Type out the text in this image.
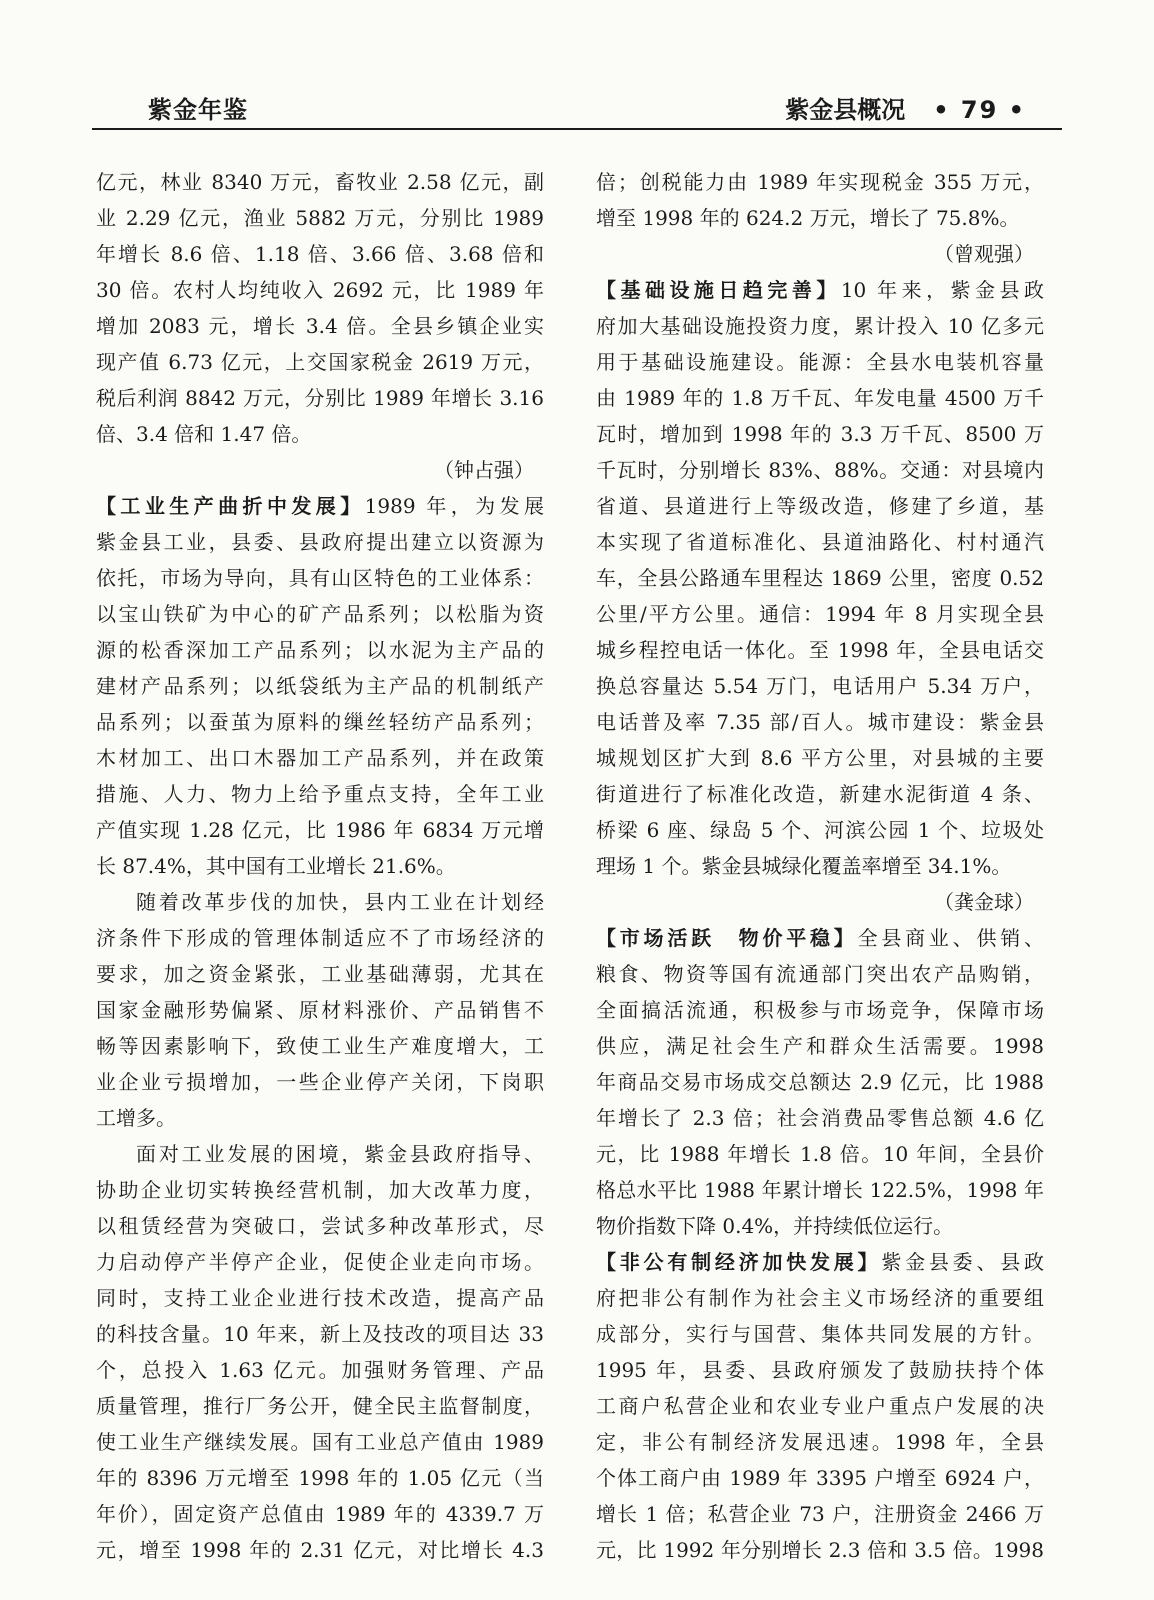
紫金年鉴	紫金县概况 • 79 •
亿元，林业 8340 万元，畜牧业 2.58 亿元，副
业 2.29 亿元，渔业 5882 万元，分别比 1989
年增长 8.6 倍、1.18 倍、3.66 倍、3.68 倍和
30 倍。农村人均纯收入 2692 元，比 1989 年
增加 2083 元，增长 3.4 倍。全县乡镇企业实
现产值 6.73 亿元，上交国家税金 2619 万元，
税后利润 8842 万元，分别比 1989 年增长 3.16
倍、3.4 倍和 1.47 倍。
（钟占强）
【工业生产曲折中发展】1989 年，为发展
紫金县工业，县委、县政府提出建立以资源为
依托，市场为导向，具有山区特色的工业体系：
以宝山铁矿为中心的矿产品系列；以松脂为资
源的松香深加工产品系列；以水泥为主产品的
建材产品系列；以纸袋纸为主产品的机制纸产
品系列；以蚕茧为原料的缫丝轻纺产品系列；
木材加工、出口木器加工产品系列，并在政策
措施、人力、物力上给予重点支持，全年工业
产值实现 1.28 亿元，比 1986 年 6834 万元增
长 87.4%，其中国有工业增长 21.6%。
随着改革步伐的加快，县内工业在计划经
济条件下形成的管理体制适应不了市场经济的
要求，加之资金紧张，工业基础薄弱，尤其在
国家金融形势偏紧、原材料涨价、产品销售不
畅等因素影响下，致使工业生产难度增大，工
业企业亏损增加，一些企业停产关闭，下岗职
工增多。
面对工业发展的困境，紫金县政府指导、
协助企业切实转换经营机制，加大改革力度，
以租赁经营为突破口，尝试多种改革形式，尽
力启动停产半停产企业，促使企业走向市场。
同时，支持工业企业进行技术改造，提高产品
的科技含量。10 年来，新上及技改的项目达 33
个，总投入 1.63 亿元。加强财务管理、产品
质量管理，推行厂务公开，健全民主监督制度，
使工业生产继续发展。国有工业总产值由 1989
年的 8396 万元增至 1998 年的 1.05 亿元（当
年价），固定资产总值由 1989 年的 4339.7 万
元，增至 1998 年的 2.31 亿元，对比增长 4.3
倍；创税能力由 1989 年实现税金 355 万元，
增至 1998 年的 624.2 万元，增长了 75.8%。
（曾观强）
【基础设施日趋完善】10 年来，紫金县政
府加大基础设施投资力度，累计投入 10 亿多元
用于基础设施建设。能源：全县水电装机容量
由 1989 年的 1.8 万千瓦、年发电量 4500 万千
瓦时，增加到 1998 年的 3.3 万千瓦、8500 万
千瓦时，分别增长 83%、88%。交通：对县境内
省道、县道进行上等级改造，修建了乡道，基
本实现了省道标准化、县道油路化、村村通汽
车，全县公路通车里程达 1869 公里，密度 0.52
公里/平方公里。通信：1994 年 8 月实现全县
城乡程控电话一体化。至 1998 年，全县电话交
换总容量达 5.54 万门，电话用户 5.34 万户，
电话普及率 7.35 部/百人。城市建设：紫金县
城规划区扩大到 8.6 平方公里，对县城的主要
街道进行了标准化改造，新建水泥街道 4 条、
桥梁 6 座、绿岛 5 个、河滨公园 1 个、垃圾处
理场 1 个。紫金县城绿化覆盖率增至 34.1%。
（龚金球）
【市场活跃　物价平稳】全县商业、供销、
粮食、物资等国有流通部门突出农产品购销，
全面搞活流通，积极参与市场竞争，保障市场
供应，满足社会生产和群众生活需要。1998
年商品交易市场成交总额达 2.9 亿元，比 1988
年增长了 2.3 倍；社会消费品零售总额 4.6 亿
元，比 1988 年增长 1.8 倍。10 年间，全县价
格总水平比 1988 年累计增长 122.5%，1998 年
物价指数下降 0.4%，并持续低位运行。
【非公有制经济加快发展】紫金县委、县政
府把非公有制作为社会主义市场经济的重要组
成部分，实行与国营、集体共同发展的方针。
1995 年，县委、县政府颁发了鼓励扶持个体
工商户私营企业和农业专业户重点户发展的决
定，非公有制经济发展迅速。1998 年，全县
个体工商户由 1989 年 3395 户增至 6924 户，
增长 1 倍；私营企业 73 户，注册资金 2466 万
元，比 1992 年分别增长 2.3 倍和 3.5 倍。1998
